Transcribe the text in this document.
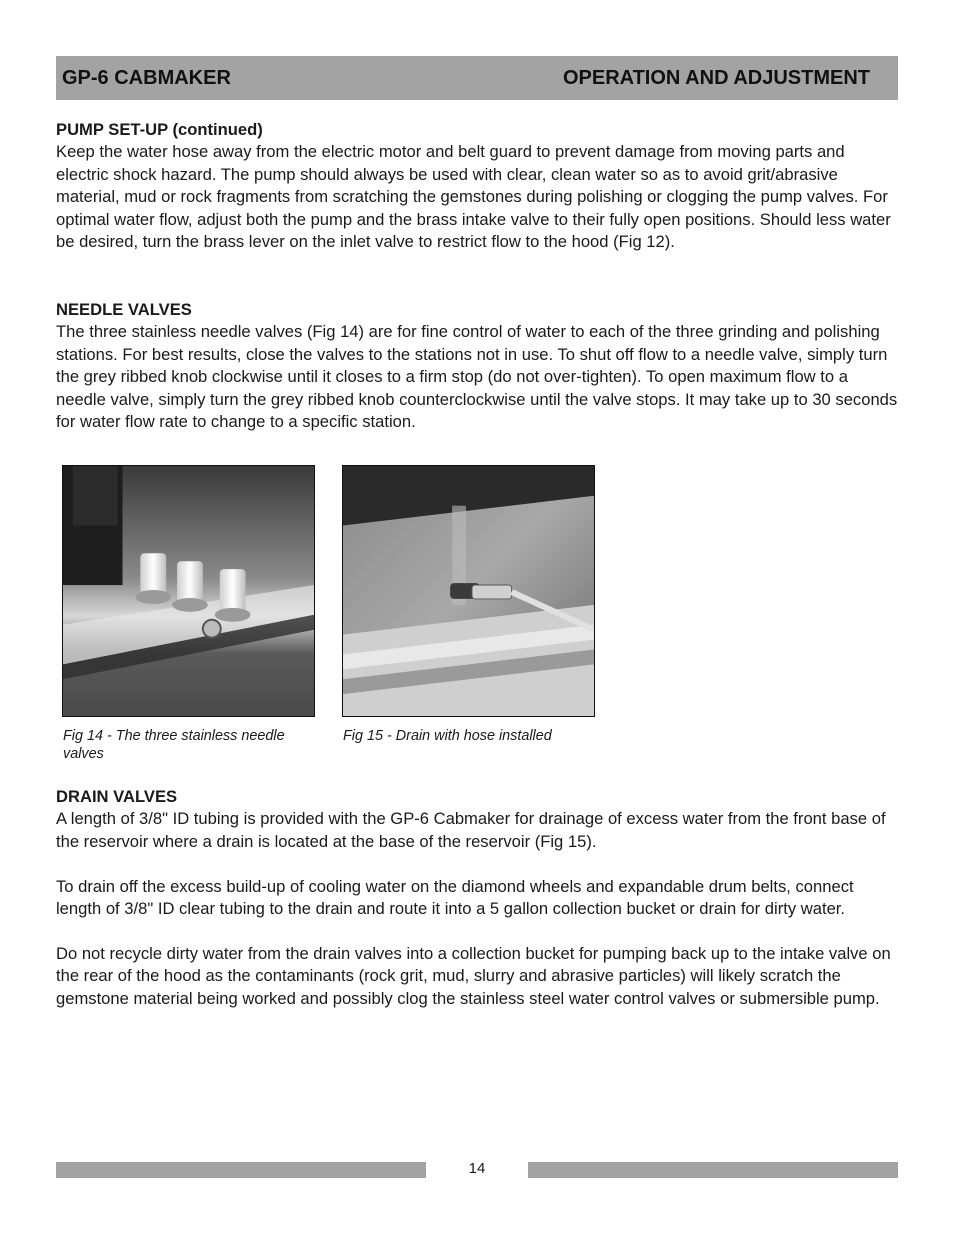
GP-6 CABMAKER	OPERATION AND ADJUSTMENT
PUMP SET-UP (continued)

Keep the water hose away from the electric motor and belt guard to prevent damage from moving parts and electric shock hazard. The pump should always be used with clear, clean water so as to avoid grit/abrasive material, mud or rock fragments from scratching the gemstones during polishing or clogging the pump valves. For optimal water flow, adjust both the pump and the brass intake valve to their fully open positions. Should less water be desired, turn the brass lever on the inlet valve to restrict flow to the hood (Fig 12).

NEEDLE VALVES

The three stainless needle valves (Fig 14) are for fine control of water to each of the three grinding and polishing stations. For best results, close the valves to the stations not in use. To shut off flow to a needle valve, simply turn the grey ribbed knob clockwise until it closes to a firm stop (do not over-tighten). To open maximum flow to a needle valve, simply turn the grey ribbed knob counterclockwise until the valve stops. It may take up to 30 seconds for water flow rate to change to a specific station.

Fig 14 - The three stainless needle valves
Fig 15 - Drain with hose installed
DRAIN VALVES

A length of 3/8" ID tubing is provided with the GP-6 Cabmaker for drainage of excess water from the front base of the reservoir where a drain is located at the base of the reservoir (Fig 15).

To drain off the excess build-up of cooling water on the diamond wheels and expandable drum belts, connect length of 3/8" ID clear tubing to the drain and route it into a 5 gallon collection bucket or drain for dirty water.

Do not recycle dirty water from the drain valves into a collection bucket for pumping back up to the intake valve on the rear of the hood as the contaminants (rock grit, mud, slurry and abrasive particles) will likely scratch the gemstone material being worked and possibly clog the stainless steel water control valves or submersible pump.

14
